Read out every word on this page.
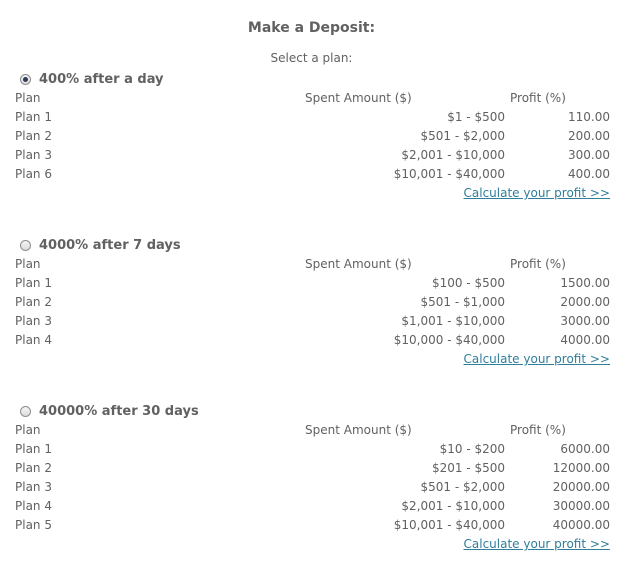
Make a Deposit:
Select a plan:
400% after a day
Plan	Spent Amount ($)	Profit (%)
Plan 1	$1 - $500	110.00
Plan 2	$501 - $2,000	200.00
Plan 3	$2,001 - $10,000	300.00
Plan 6	$10,001 - $40,000	400.00
Calculate your profit >>
4000% after 7 days
Plan	Spent Amount ($)	Profit (%)
Plan 1	$100 - $500	1500.00
Plan 2	$501 - $1,000	2000.00
Plan 3	$1,001 - $10,000	3000.00
Plan 4	$10,000 - $40,000	4000.00
Calculate your profit >>
40000% after 30 days
Plan	Spent Amount ($)	Profit (%)
Plan 1	$10 - $200	6000.00
Plan 2	$201 - $500	12000.00
Plan 3	$501 - $2,000	20000.00
Plan 4	$2,001 - $10,000	30000.00
Plan 5	$10,001 - $40,000	40000.00
Calculate your profit >>
